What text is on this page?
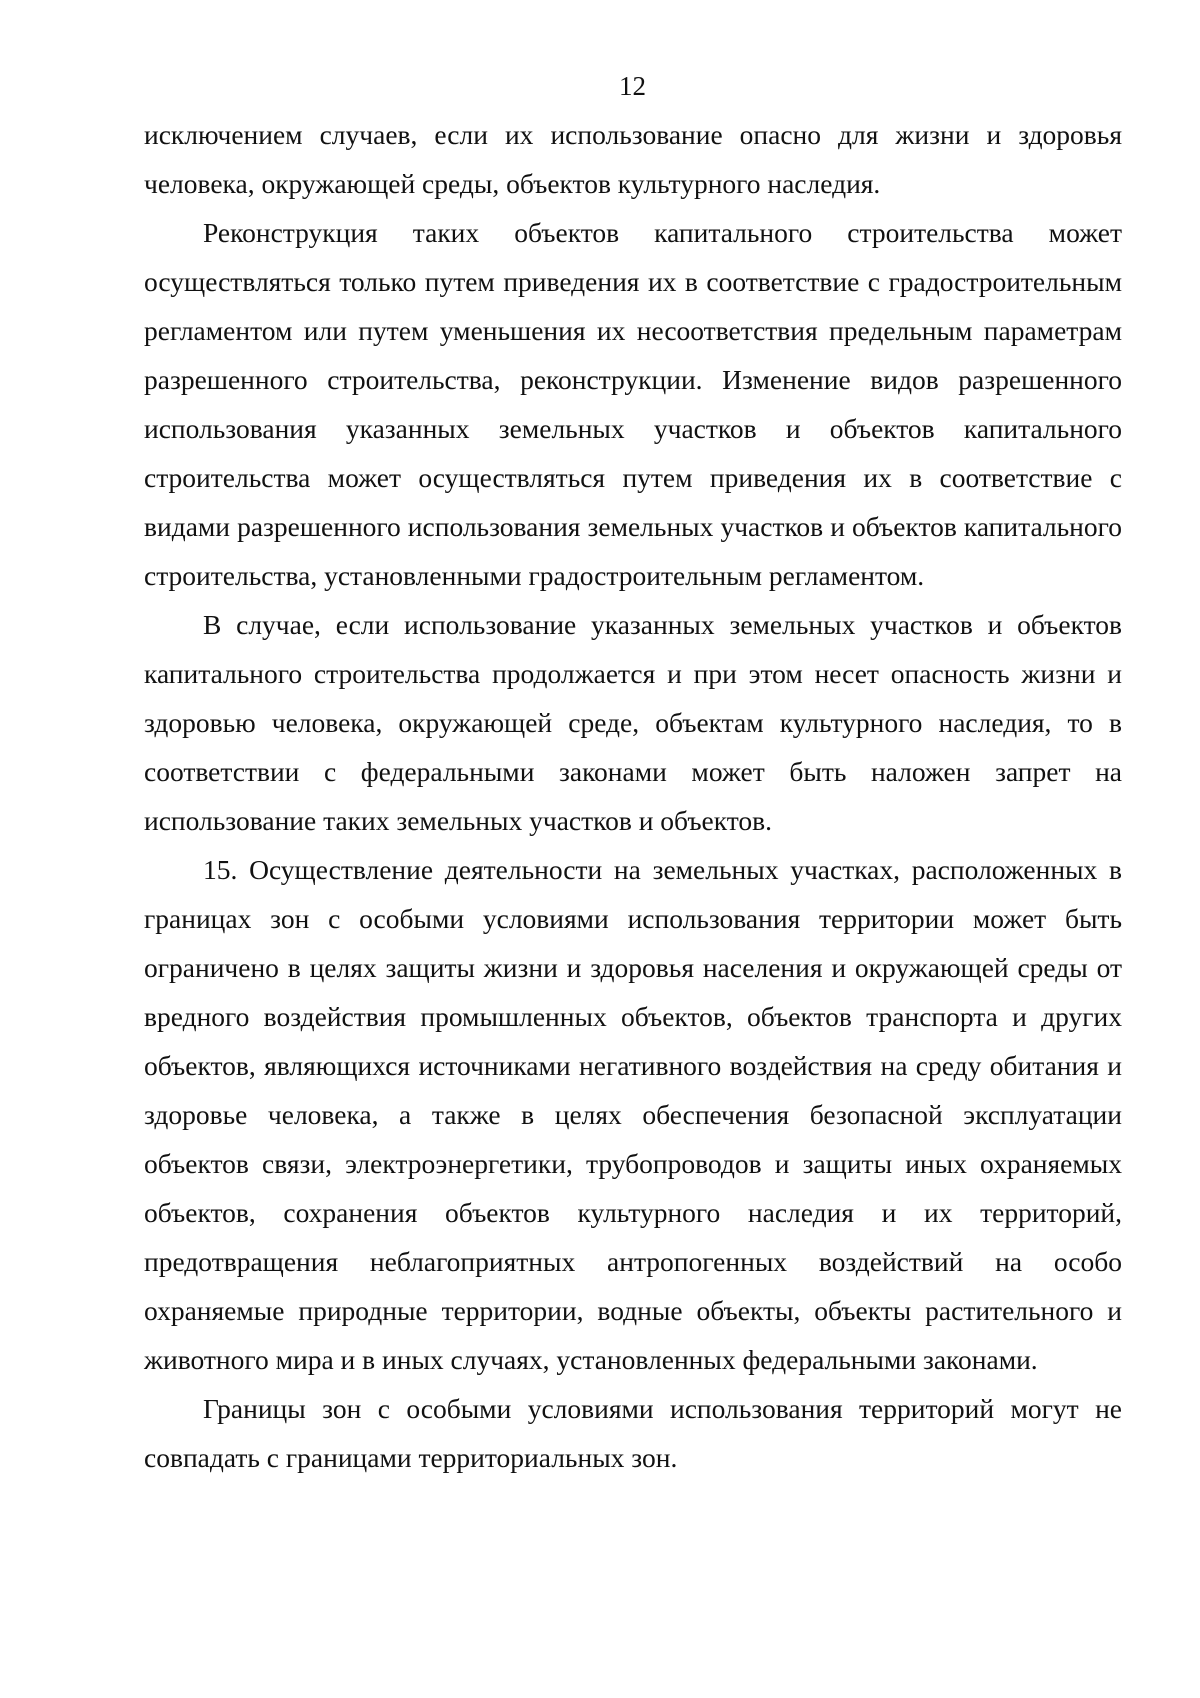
12

исключением случаев, если их использование опасно для жизни и здоровья человека, окружающей среды, объектов культурного наследия.

Реконструкция таких объектов капитального строительства может осуществляться только путем приведения их в соответствие с градостроительным регламентом или путем уменьшения их несоответствия предельным параметрам разрешенного строительства, реконструкции. Изменение видов разрешенного использования указанных земельных участков и объектов капитального строительства может осуществляться путем приведения их в соответствие с видами разрешенного использования земельных участков и объектов капитального строительства, установленными градостроительным регламентом.

В случае, если использование указанных земельных участков и объектов капитального строительства продолжается и при этом несет опасность жизни и здоровью человека, окружающей среде, объектам культурного наследия, то в соответствии с федеральными законами может быть наложен запрет на использование таких земельных участков и объектов.

15. Осуществление деятельности на земельных участках, расположенных в границах зон с особыми условиями использования территории может быть ограничено в целях защиты жизни и здоровья населения и окружающей среды от вредного воздействия промышленных объектов, объектов транспорта и других объектов, являющихся источниками негативного воздействия на среду обитания и здоровье человека, а также в целях обеспечения безопасной эксплуатации объектов связи, электроэнергетики, трубопроводов и защиты иных охраняемых объектов, сохранения объектов культурного наследия и их территорий, предотвращения неблагоприятных антропогенных воздействий на особо охраняемые природные территории, водные объекты, объекты растительного и животного мира и в иных случаях, установленных федеральными законами.

Границы зон с особыми условиями использования территорий могут не совпадать с границами территориальных зон.
